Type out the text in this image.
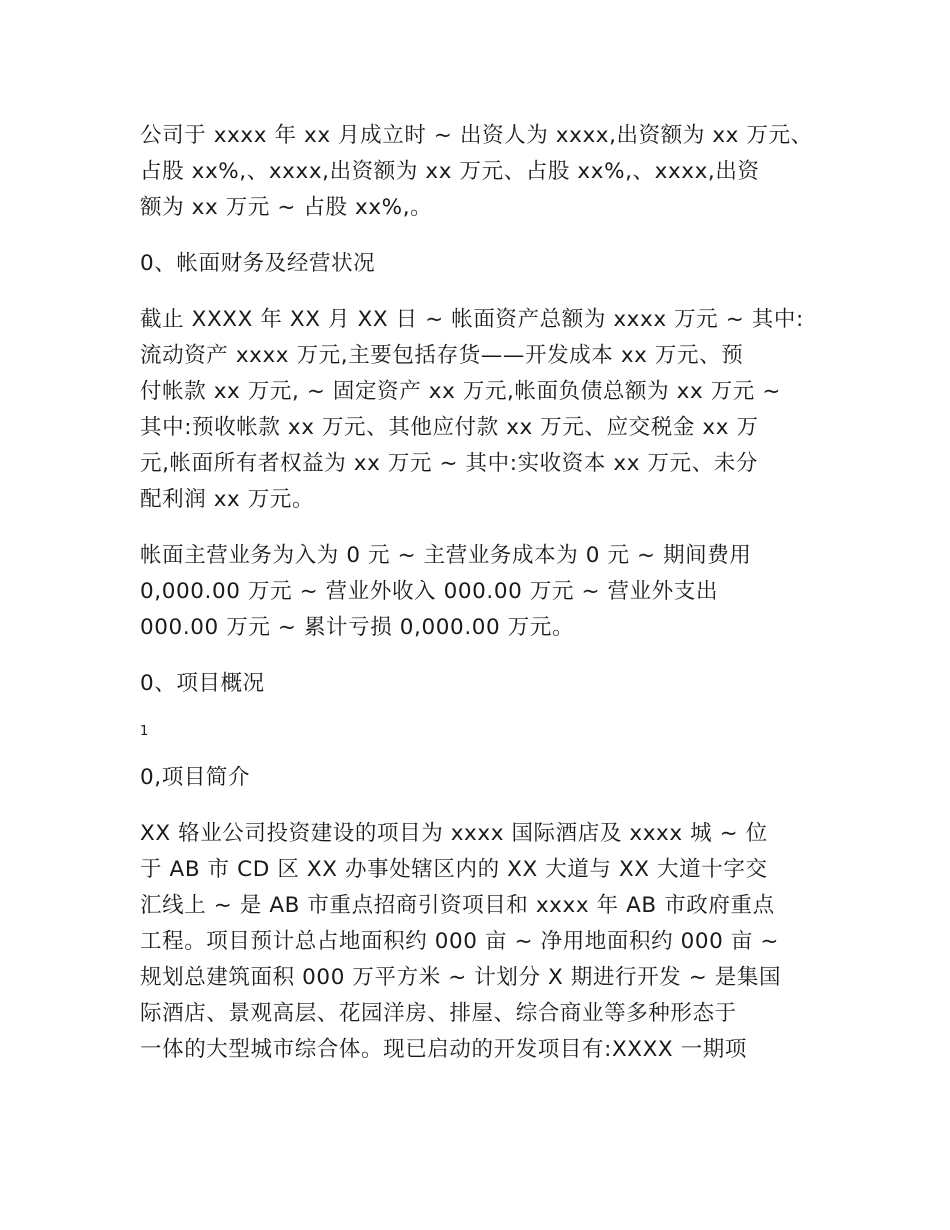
公司于 xxxx 年 xx 月成立时 ~ 出资人为 xxxx,出资额为 xx 万元、
占股 xx%,、xxxx,出资额为 xx 万元、占股 xx%,、xxxx,出资
额为 xx 万元 ~ 占股 xx%,。

0、帐面财务及经营状况

截止 XXXX 年 XX 月 XX 日 ~ 帐面资产总额为 xxxx 万元 ~ 其中:
流动资产 xxxx 万元,主要包括存货——开发成本 xx 万元、预
付帐款 xx 万元, ~ 固定资产 xx 万元,帐面负债总额为 xx 万元 ~
其中:预收帐款 xx 万元、其他应付款 xx 万元、应交税金 xx 万
元,帐面所有者权益为 xx 万元 ~ 其中:实收资本 xx 万元、未分
配利润 xx 万元。

帐面主营业务为入为 0 元 ~ 主营业务成本为 0 元 ~ 期间费用
0,000.00 万元 ~ 营业外收入 000.00 万元 ~ 营业外支出
000.00 万元 ~ 累计亏损 0,000.00 万元。

0、项目概况

1

0,项目简介

XX 辂业公司投资建设的项目为 xxxx 国际酒店及 xxxx 城 ~ 位
于 AB 市 CD 区 XX 办事处辖区内的 XX 大道与 XX 大道十字交
汇线上 ~ 是 AB 市重点招商引资项目和 xxxx 年 AB 市政府重点
工程。项目预计总占地面积约 000 亩 ~ 净用地面积约 000 亩 ~
规划总建筑面积 000 万平方米 ~ 计划分 X 期进行开发 ~ 是集国
际酒店、景观高层、花园洋房、排屋、综合商业等多种形态于
一体的大型城市综合体。现已启动的开发项目有:XXXX 一期项
